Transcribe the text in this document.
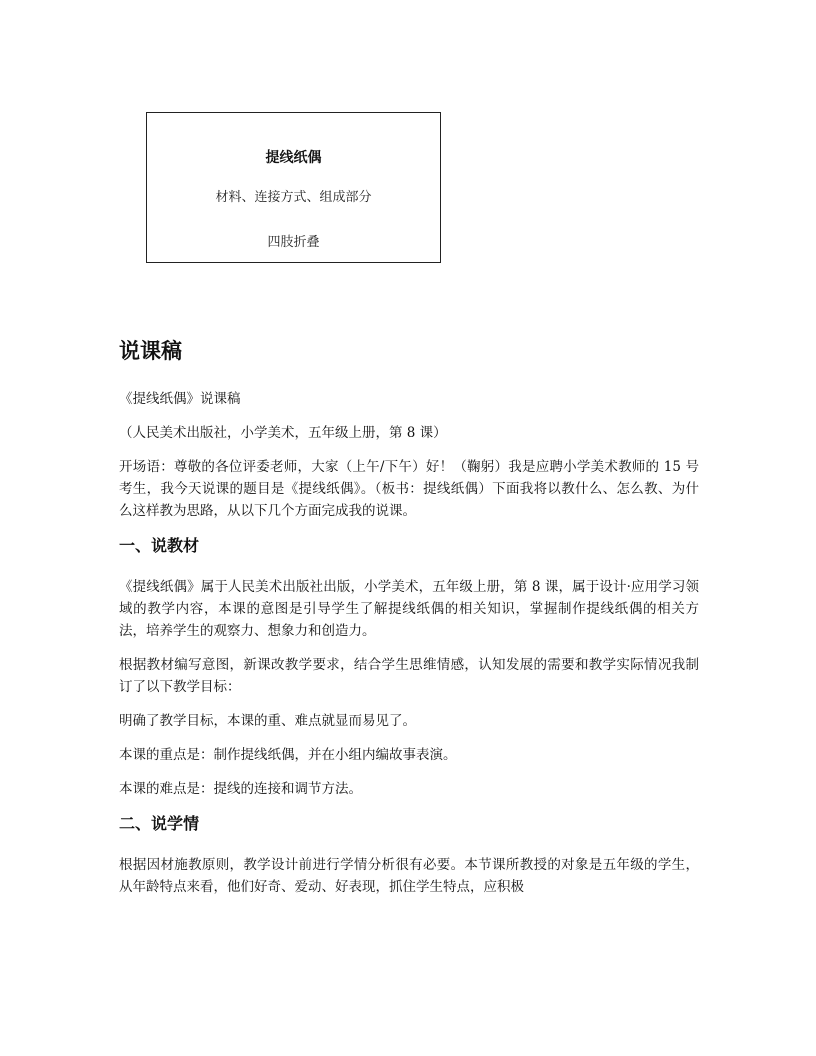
提线纸偶
材料、连接方式、组成部分
四肢折叠
说课稿

《提线纸偶》说课稿

（人民美术出版社，小学美术，五年级上册，第 8 课）

开场语：尊敬的各位评委老师，大家（上午/下午）好！（鞠躬）我是应聘小学美术教师的 15 号考生，我今天说课的题目是《提线纸偶》。（板书：提线纸偶）下面我将以教什么、怎么教、为什么这样教为思路，从以下几个方面完成我的说课。

一、说教材

《提线纸偶》属于人民美术出版社出版，小学美术，五年级上册，第 8 课，属于设计·应用学习领域的教学内容，本课的意图是引导学生了解提线纸偶的相关知识，掌握制作提线纸偶的相关方法，培养学生的观察力、想象力和创造力。

根据教材编写意图，新课改教学要求，结合学生思维情感，认知发展的需要和教学实际情况我制订了以下教学目标：

明确了教学目标，本课的重、难点就显而易见了。

本课的重点是：制作提线纸偶，并在小组内编故事表演。

本课的难点是：提线的连接和调节方法。

二、说学情

根据因材施教原则，教学设计前进行学情分析很有必要。本节课所教授的对象是五年级的学生，从年龄特点来看，他们好奇、爱动、好表现，抓住学生特点，应积极
